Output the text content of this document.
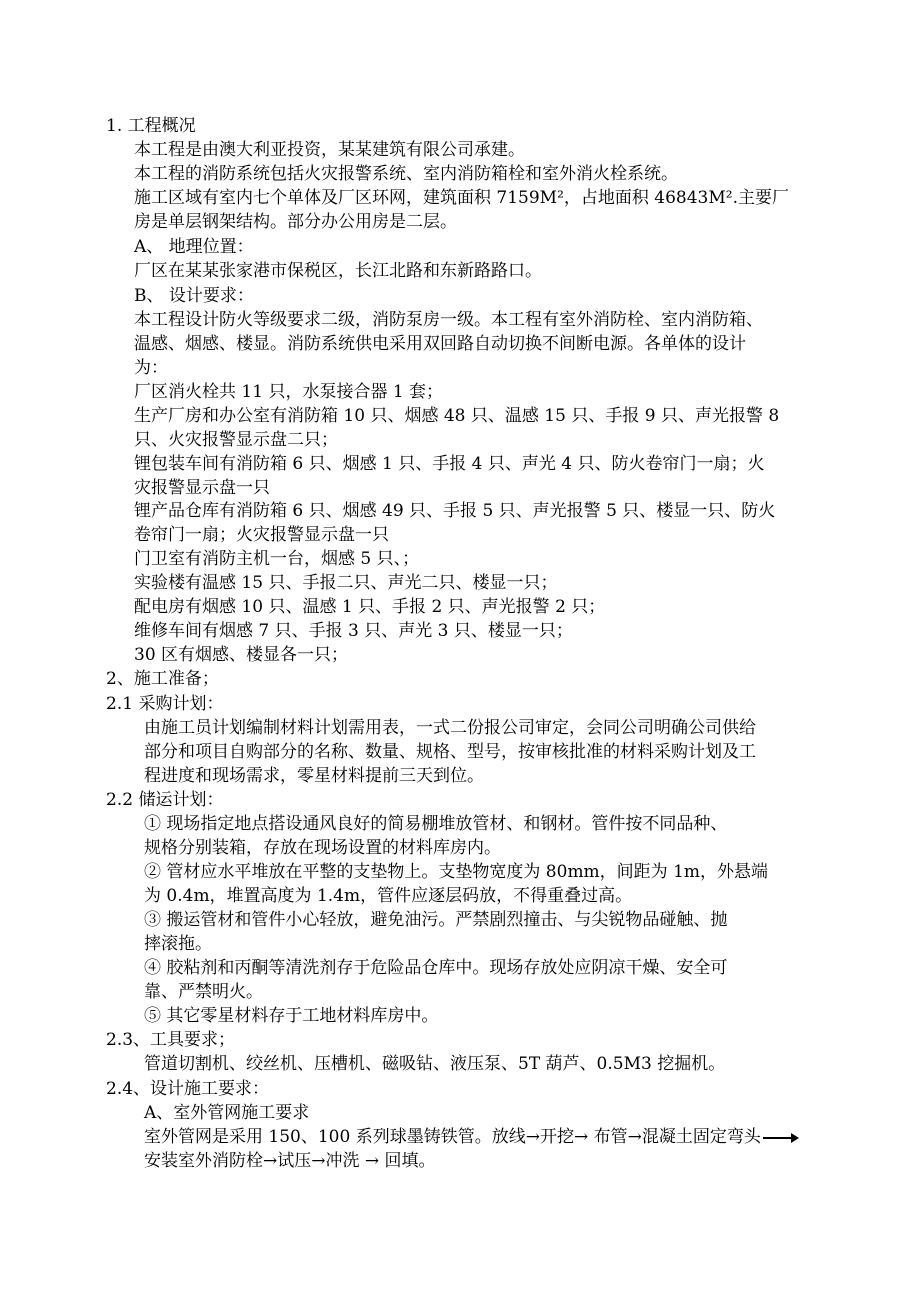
1. 工程概况
本工程是由澳大利亚投资，某某建筑有限公司承建。
本工程的消防系统包括火灾报警系统、室内消防箱栓和室外消火栓系统。
施工区域有室内七个单体及厂区环网，建筑面积 7159M²，占地面积 46843M².主要厂
房是单层钢架结构。部分办公用房是二层。
A、 地理位置：
厂区在某某张家港市保税区，长江北路和东新路路口。
B、 设计要求：
本工程设计防火等级要求二级，消防泵房一级。本工程有室外消防栓、室内消防箱、
温感、烟感、楼显。消防系统供电采用双回路自动切换不间断电源。各单体的设计
为：
厂区消火栓共 11 只，水泵接合器 1 套；
生产厂房和办公室有消防箱 10 只、烟感 48 只、温感 15 只、手报 9 只、声光报警 8
只、火灾报警显示盘二只；
锂包装车间有消防箱 6 只、烟感 1 只、手报 4 只、声光 4 只、防火卷帘门一扇；火
灾报警显示盘一只
锂产品仓库有消防箱 6 只、烟感 49 只、手报 5 只、声光报警 5 只、楼显一只、防火
卷帘门一扇；火灾报警显示盘一只
门卫室有消防主机一台，烟感 5 只、；
实验楼有温感 15 只、手报二只、声光二只、楼显一只；
配电房有烟感 10 只、温感 1 只、手报 2 只、声光报警 2 只；
维修车间有烟感 7 只、手报 3 只、声光 3 只、楼显一只；
30 区有烟感、楼显各一只；
2、施工准备；
2.1 采购计划：
由施工员计划编制材料计划需用表，一式二份报公司审定，会同公司明确公司供给
部分和项目自购部分的名称、数量、规格、型号，按审核批准的材料采购计划及工
程进度和现场需求，零星材料提前三天到位。
2.2 储运计划：
① 现场指定地点搭设通风良好的简易棚堆放管材、和钢材。管件按不同品种、
规格分别装箱，存放在现场设置的材料库房内。
② 管材应水平堆放在平整的支垫物上。支垫物宽度为 80mm，间距为 1m，外悬端
为 0.4m，堆置高度为 1.4m，管件应逐层码放，不得重叠过高。
③ 搬运管材和管件小心轻放，避免油污。严禁剧烈撞击、与尖锐物品碰触、抛
摔滚拖。
④ 胶粘剂和丙酮等清洗剂存于危险品仓库中。现场存放处应阴凉干燥、安全可
靠、严禁明火。
⑤ 其它零星材料存于工地材料库房中。
2.3、工具要求；
管道切割机、绞丝机、压槽机、磁吸钻、液压泵、5T 葫芦、0.5M3 挖掘机。
2.4、设计施工要求：
A、室外管网施工要求
室外管网是采用 150、100 系列球墨铸铁管。放线→开挖→ 布管→混凝土固定弯头
安装室外消防栓→试压→冲洗 → 回填。
